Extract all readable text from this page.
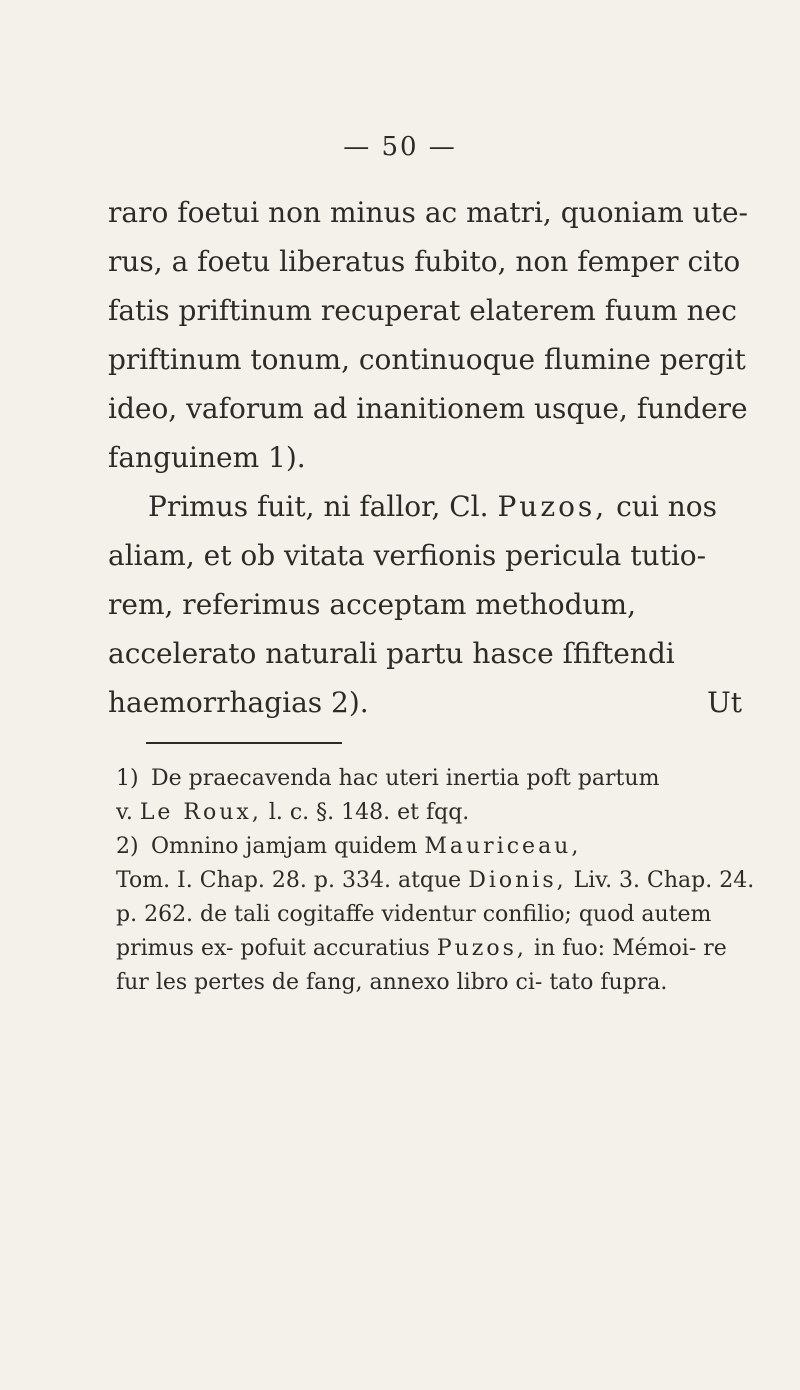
— 50 —

raro foetui non minus ac matri, quoniam ute- rus, a foetu liberatus fubito, non femper cito fatis priftinum recuperat elaterem fuum nec priftinum tonum, continuoque flumine pergit ideo, vaforum ad inanitionem usque, fundere fanguinem 1).

Primus fuit, ni fallor, Cl. Puzos, cui nos aliam, et ob vitata verfionis pericula tutio- rem, referimus acceptam methodum, accelerato naturali partu hasce ſfiftendi haemorrhagias 2).	Ut

1) De praecavenda hac uteri inertia poft partum

v. Le Roux, l. c. §. 148. et fqq.

2) Omnino jamjam quidem Mauriceau,

Tom. I. Chap. 28. p. 334. atque Dionis, Liv. 3. Chap. 24. p. 262. de tali cogitaffe videntur confilio; quod autem primus ex- pofuit accuratius Puzos, in fuo: Mémoi- re fur les pertes de fang, annexo libro ci- tato fupra.
